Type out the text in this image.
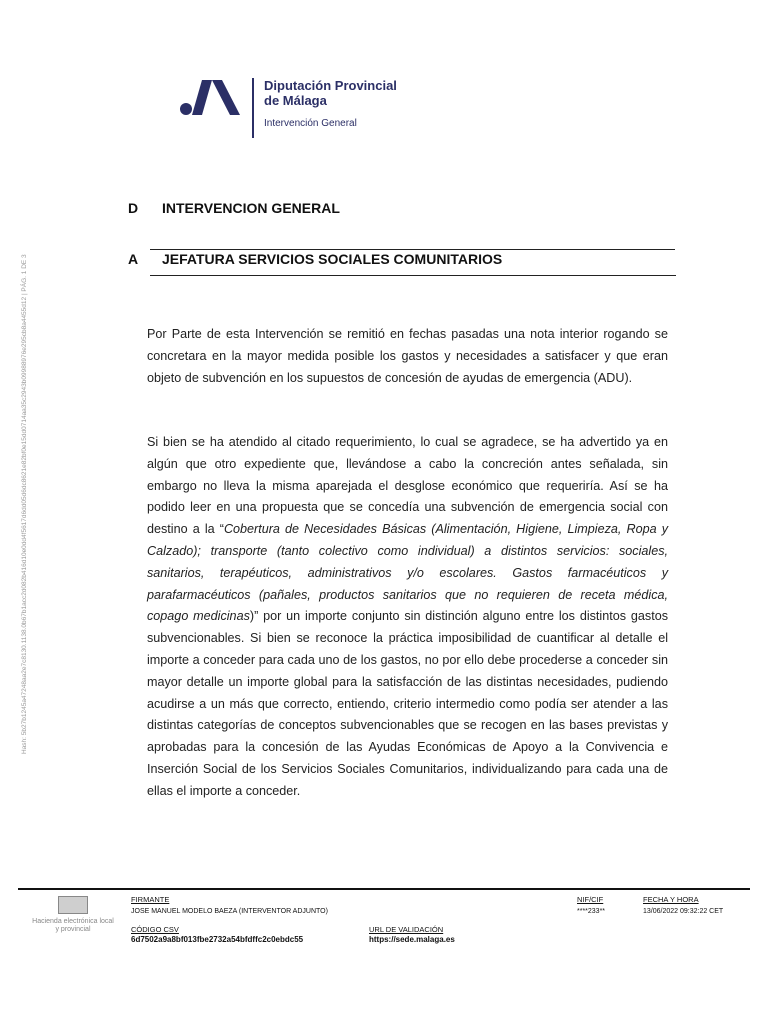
Diputación Provincial
de Málaga
Intervención General
Hash: 5b27b1245a47248aa2e7c8130.1138.0b67b1acc2d082b416d10e0dd4f5617d6dd05d6dc8621e82bf0e15dd0714aa35c2943b09988976e295cb8a4455d12 | PÁG. 1 DE 3
D INTERVENCION GENERAL
A JEFATURA SERVICIOS SOCIALES COMUNITARIOS
Por Parte de esta Intervención se remitió en fechas pasadas una nota interior rogando se concretara en la mayor medida posible los gastos y necesidades a satisfacer y que eran objeto de subvención en los supuestos de concesión de ayudas de emergencia (ADU).
Si bien se ha atendido al citado requerimiento, lo cual se agradece, se ha advertido ya en algún que otro expediente que, llevándose a cabo la concreción antes señalada, sin embargo no lleva la misma aparejada el desglose económico que requeriría. Así se ha podido leer en una propuesta que se concedía una subvención de emergencia social con destino a la “Cobertura de Necesidades Básicas (Alimentación, Higiene, Limpieza, Ropa y Calzado); transporte (tanto colectivo como individual) a distintos servicios: sociales, sanitarios, terapéuticos, administrativos y/o escolares. Gastos farmacéuticos y parafarmacéuticos (pañales, productos sanitarios que no requieren de receta médica, copago medicinas)” por un importe conjunto sin distinción alguno entre los distintos gastos subvencionables. Si bien se reconoce la práctica imposibilidad de cuantificar al detalle el importe a conceder para cada uno de los gastos, no por ello debe procederse a conceder sin mayor detalle un importe global para la satisfacción de las distintas necesidades, pudiendo acudirse a un más que correcto, entiendo, criterio intermedio como podía ser atender a las distintas categorías de conceptos subvencionables que se recogen en las bases previstas y aprobadas para la concesión de las Ayudas Económicas de Apoyo a la Convivencia e Inserción Social de los Servicios Sociales Comunitarios, individualizando para cada una de ellas el importe a conceder.
Hacienda electrónica local y provincial
FIRMANTE
JOSE MANUEL MODELO BAEZA (INTERVENTOR ADJUNTO)
NIF/CIF
****233**
FECHA Y HORA
13/06/2022 09:32:22 CET
CÓDIGO CSV
6d7502a9a8bf013fbe2732a54bfdffc2c0ebdc55
URL DE VALIDACIÓN
https://sede.malaga.es
